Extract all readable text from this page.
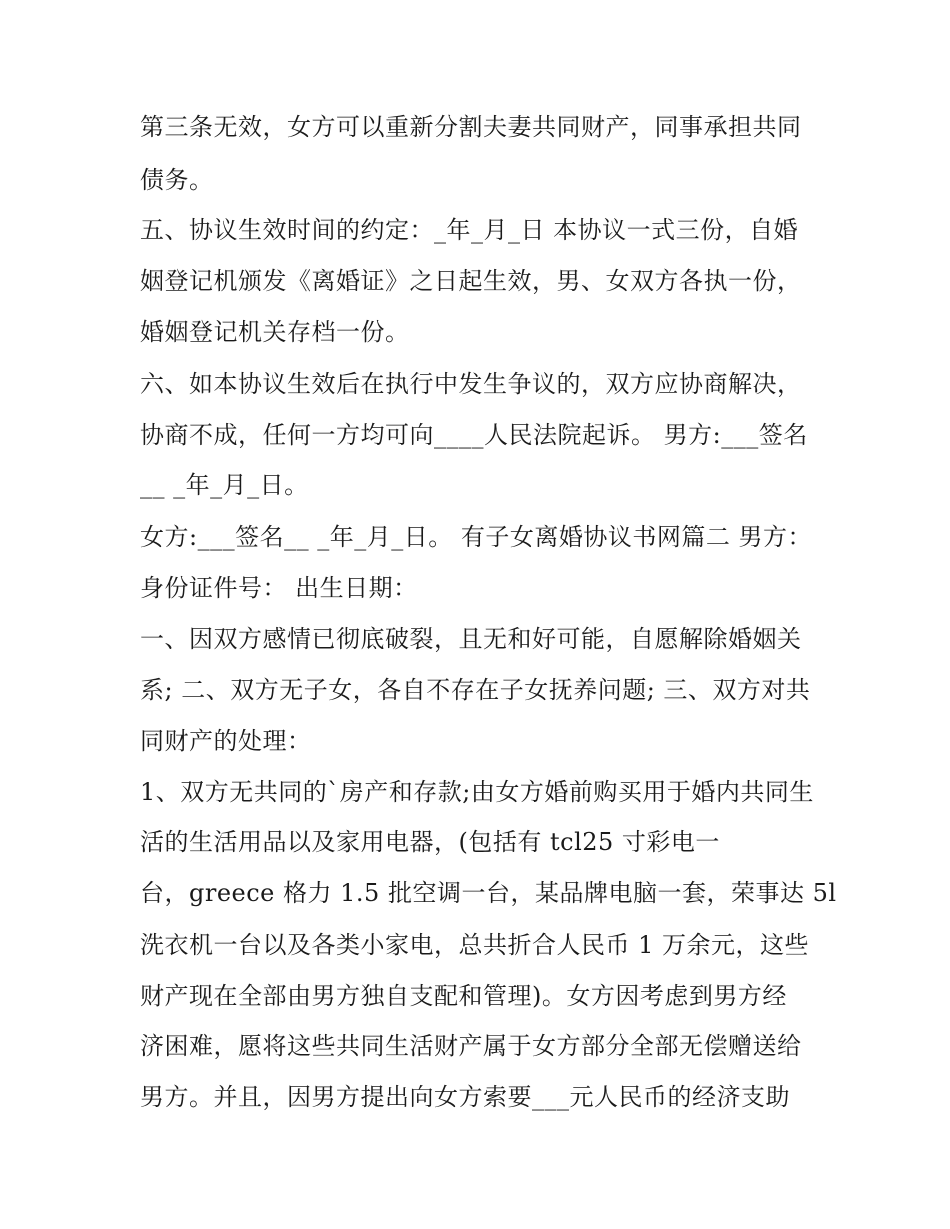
第三条无效，女方可以重新分割夫妻共同财产，同事承担共同
债务。
五、协议生效时间的约定：_年_月_日 本协议一式三份，自婚
姻登记机颁发《离婚证》之日起生效，男、女双方各执一份，
婚姻登记机关存档一份。
六、如本协议生效后在执行中发生争议的，双方应协商解决，
协商不成，任何一方均可向____人民法院起诉。 男方:___签名
__ _年_月_日。
女方:___签名__ _年_月_日。 有子女离婚协议书网篇二 男方：
身份证件号： 出生日期：
一、因双方感情已彻底破裂，且无和好可能，自愿解除婚姻关
系; 二、双方无子女，各自不存在子女抚养问题; 三、双方对共
同财产的处理：
1、双方无共同的`房产和存款;由女方婚前购买用于婚内共同生
活的生活用品以及家用电器，(包括有 tcl25 寸彩电一
台，greece 格力 1.5 批空调一台，某品牌电脑一套，荣事达 5l
洗衣机一台以及各类小家电，总共折合人民币 1 万余元，这些
财产现在全部由男方独自支配和管理)。女方因考虑到男方经
济困难，愿将这些共同生活财产属于女方部分全部无偿赠送给
男方。并且，因男方提出向女方索要___元人民币的经济支助
